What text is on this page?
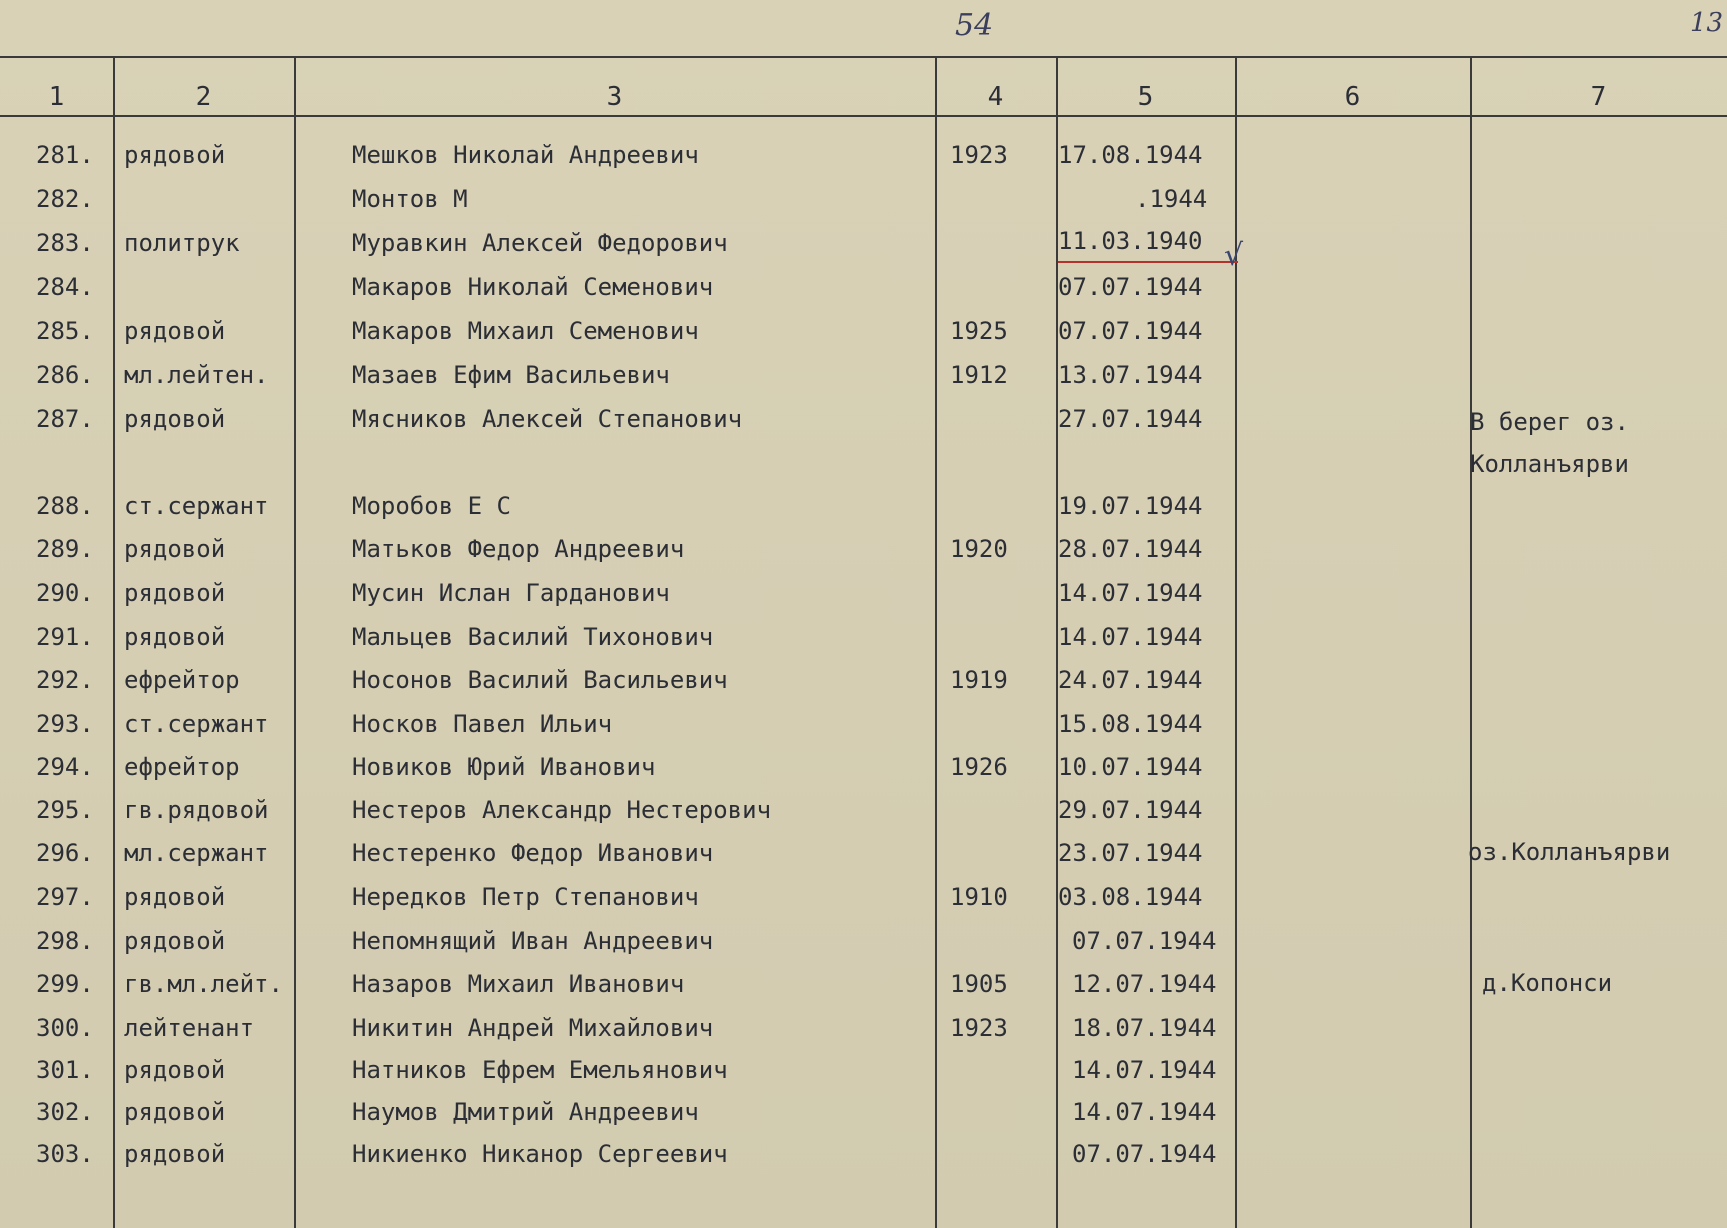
54	13
1	2	3	4	5	6	7
281. рядовой	Мешков Николай Андреевич	1923	17.08.1944
282.	Монтов М	.1944
283. политрук	Муравкин Алексей Федорович	11.03.1940
284.	Макаров Николай Семенович	07.07.1944
285. рядовой	Макаров Михаил Семенович	1925	07.07.1944
286. мл.лейтен.	Мазаев Ефим Васильевич	1912	13.07.1944
287. рядовой	Мясников Алексей Степанович	27.07.1944	В берег оз. Колланъярви
288. ст.сержант	Моробов Е С	19.07.1944
289. рядовой	Матьков Федор Андреевич	1920	28.07.1944
290. рядовой	Мусин Ислан Гарданович	14.07.1944
291. рядовой	Мальцев Василий Тихонович	14.07.1944
292. ефрейтор	Носонов Василий Васильевич	1919	24.07.1944
293. ст.сержант	Носков Павел Ильич	15.08.1944
294. ефрейтор	Новиков Юрий Иванович	1926	10.07.1944
295. гв.рядовой	Нестеров Александр Нестерович	29.07.1944
296. мл.сержант	Нестеренко Федор Иванович	23.07.1944	оз.Колланъярви
297. рядовой	Нередков Петр Степанович	1910	03.08.1944
298. рядовой	Непомнящий Иван Андреевич	07.07.1944
299. гв.мл.лейт.	Назаров Михаил Иванович	1905	12.07.1944	д.Копонси
300. лейтенант	Никитин Андрей Михайлович	1923	18.07.1944
301. рядовой	Натников Ефрем Емельянович	14.07.1944
302. рядовой	Наумов Дмитрий Андреевич	14.07.1944
303. рядовой	Никиенко Никанор Сергеевич	07.07.1944
√
